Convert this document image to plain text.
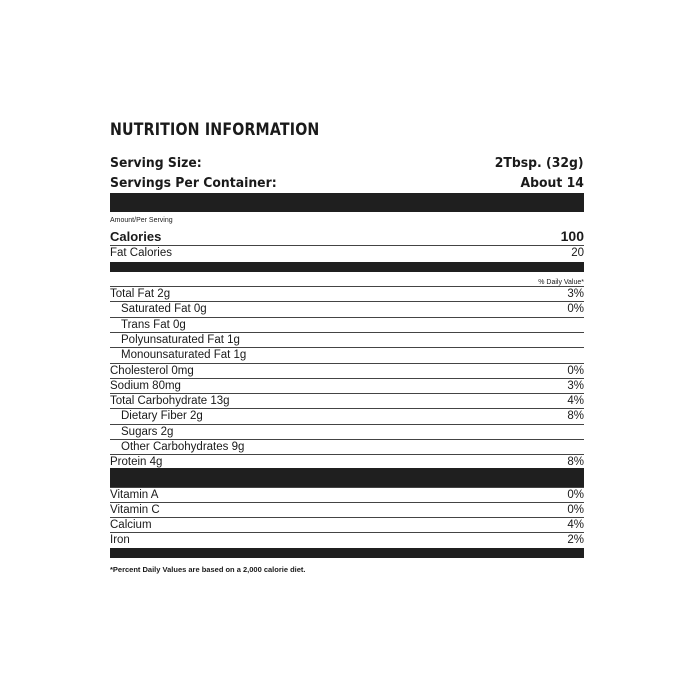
NUTRITION INFORMATION
Serving Size:	2Tbsp. (32g)
Servings Per Container:	About 14
Amount/Per Serving
Calories	100
Fat Calories	20
% Daily Value*
Total Fat 2g	3%
Saturated Fat 0g	0%
Trans Fat 0g
Polyunsaturated Fat 1g
Monounsaturated Fat 1g
Cholesterol 0mg	0%
Sodium 80mg	3%
Total Carbohydrate 13g	4%
Dietary Fiber 2g	8%
Sugars 2g
Other Carbohydrates 9g
Protein 4g	8%
Vitamin A	0%
Vitamin C	0%
Calcium	4%
Iron	2%
*Percent Daily Values are based on a 2,000 calorie diet.
